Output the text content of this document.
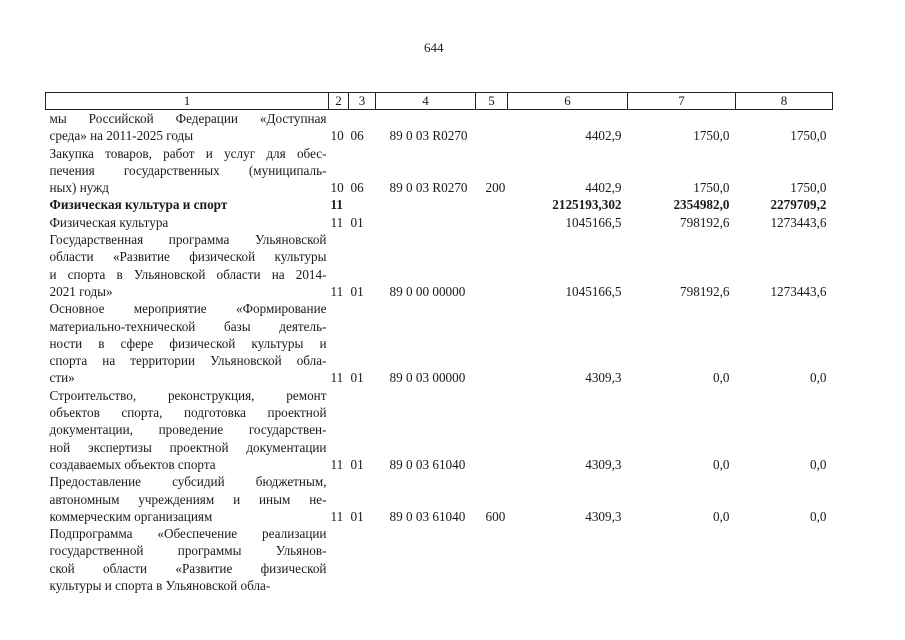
644
1	2	3	4	5	6	7	8

мы Российской Федерации «Доступная
среда» на 2011-2025 годы	10	06	89 0 03 R0270		4402,9	1750,0	1750,0

Закупка товаров, работ и услуг для обес-
печения государственных (муниципаль-
ных) нужд	10	06	89 0 03 R0270	200	4402,9	1750,0	1750,0

Физическая культура и спорт	11				2125193,302	2354982,0	2279709,2

Физическая культура	11	01			1045166,5	798192,6	1273443,6

Государственная программа Ульяновской
области «Развитие физической культуры
и спорта в Ульяновской области на 2014-
2021 годы»	11	01	89 0 00 00000		1045166,5	798192,6	1273443,6

Основное мероприятие «Формирование
материально-технической базы деятель-
ности в сфере физической культуры и
спорта на территории Ульяновской обла-
сти»	11	01	89 0 03 00000		4309,3	0,0	0,0

Строительство, реконструкция, ремонт
объектов спорта, подготовка проектной
документации, проведение государствен-
ной экспертизы проектной документации
создаваемых объектов спорта	11	01	89 0 03 61040		4309,3	0,0	0,0

Предоставление субсидий бюджетным,
автономным учреждениям и иным не-
коммерческим организациям	11	01	89 0 03 61040	600	4309,3	0,0	0,0

Подпрограмма «Обеспечение реализации
государственной программы Ульянов-
ской области «Развитие физической
культуры и спорта в Ульяновской обла-							
